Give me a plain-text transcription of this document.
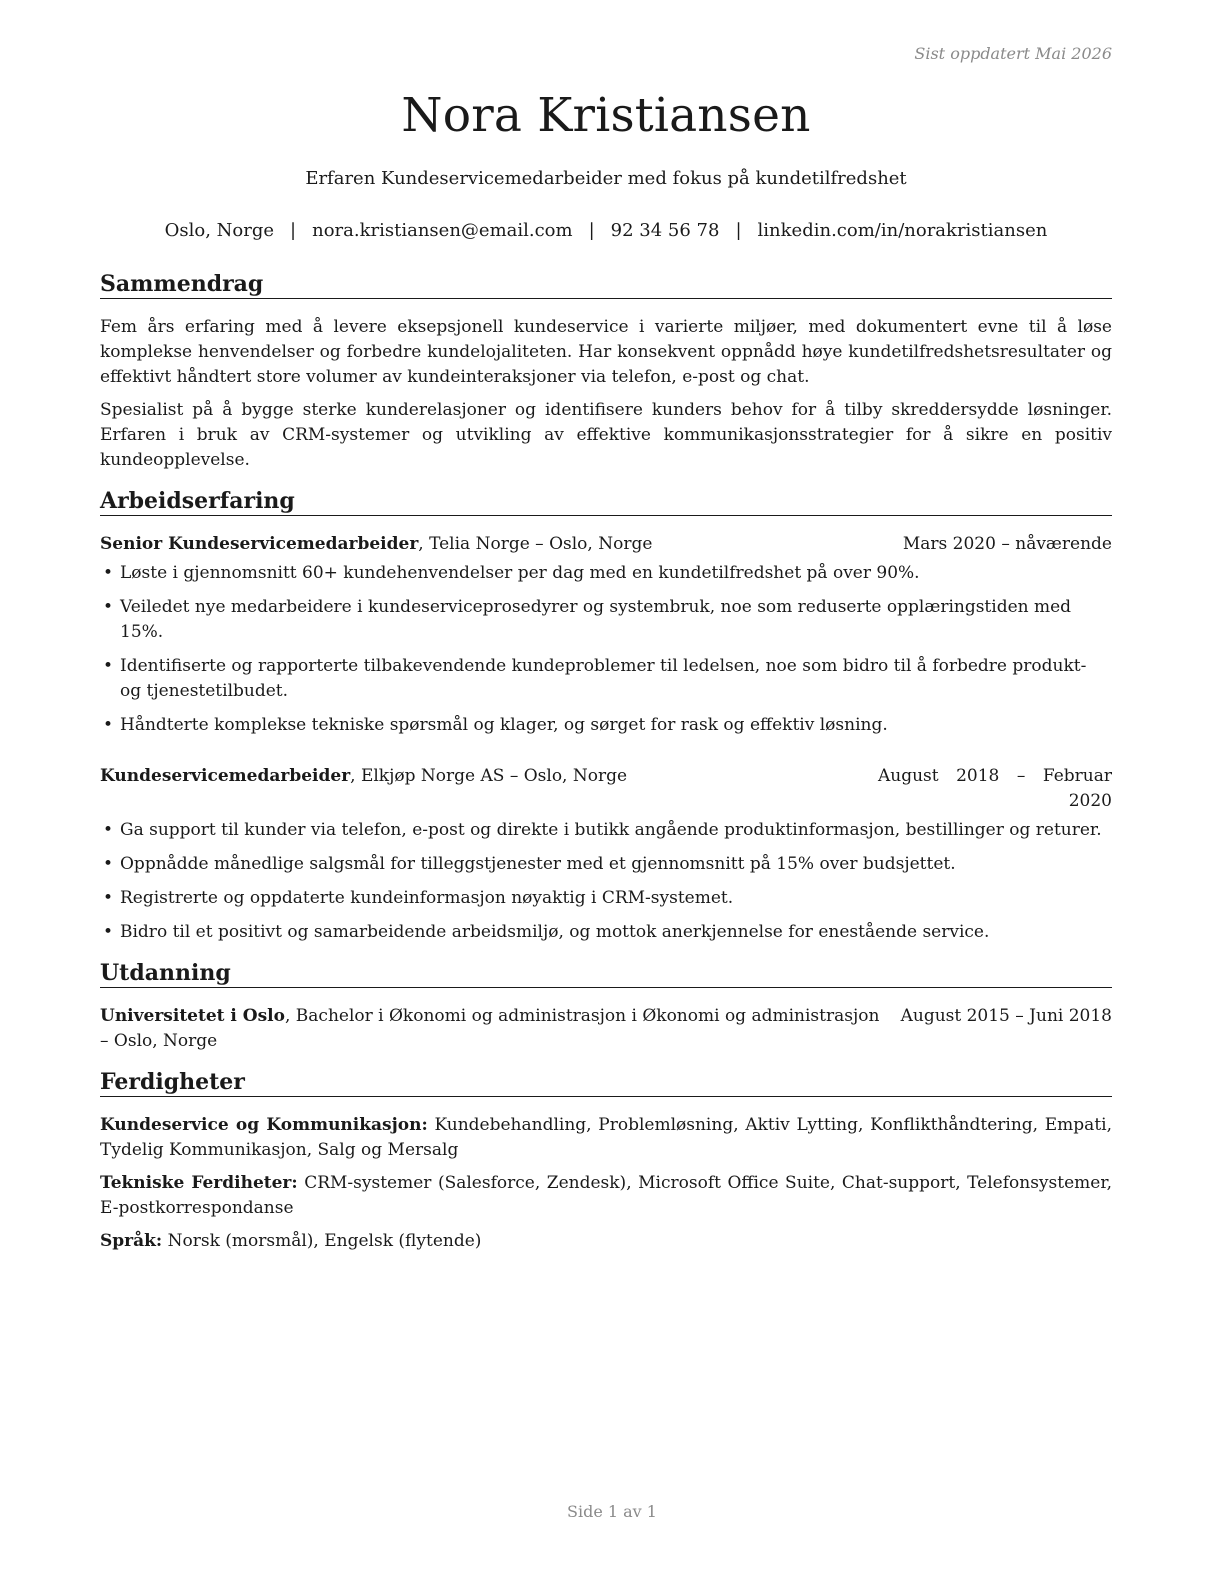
Sist oppdatert Mai 2026
Nora Kristiansen
Erfaren Kundeservicemedarbeider med fokus på kundetilfredshet
Oslo, Norge | nora.kristiansen@email.com | 92 34 56 78 | linkedin.com/in/norakristiansen
Sammendrag

Fem års erfaring med å levere eksepsjonell kundeservice i varierte miljøer, med dokumentert evne til å løse komplekse henvendelser og forbedre kundelojaliteten. Har konsekvent oppnådd høye kundetilfredshetsresultater og effektivt håndtert store volumer av kundeinteraksjoner via telefon, e-post og chat.

Spesialist på å bygge sterke kunderelasjoner og identifisere kunders behov for å tilby skreddersydde løsninger. Erfaren i bruk av CRM-systemer og utvikling av effektive kommunikasjonsstrategier for å sikre en positiv kundeopplevelse.

Arbeidserfaring
Senior Kundeservicemedarbeider, Telia Norge – Oslo, Norge	Mars 2020 – nåværende
• Løste i gjennomsnitt 60+ kundehenvendelser per dag med en kundetilfredshet på over 90%.
• Veiledet nye medarbeidere i kundeserviceprosedyrer og systembruk, noe som reduserte opplæringstiden med 15%.
• Identifiserte og rapporterte tilbakevendende kundeproblemer til ledelsen, noe som bidro til å forbedre produkt- og tjenestetilbudet.
• Håndterte komplekse tekniske spørsmål og klager, og sørget for rask og effektiv løsning.
Kundeservicemedarbeider, Elkjøp Norge AS – Oslo, Norge	August 2018 – Februar 2020
• Ga support til kunder via telefon, e-post og direkte i butikk angående produktinformasjon, bestillinger og returer.
• Oppnådde månedlige salgsmål for tilleggstjenester med et gjennomsnitt på 15% over budsjettet.
• Registrerte og oppdaterte kundeinformasjon nøyaktig i CRM-systemet.
• Bidro til et positivt og samarbeidende arbeidsmiljø, og mottok anerkjennelse for enestående service.
Utdanning
August 2015 – Juni 2018
Universitetet i Oslo, Bachelor i Økonomi og administrasjon i Økonomi og administrasjon – Oslo, Norge
Ferdigheter

Kundeservice og Kommunikasjon: Kundebehandling, Problemløsning, Aktiv Lytting, Konflikthåndtering, Empati, Tydelig Kommunikasjon, Salg og Mersalg

Tekniske Ferdiheter: CRM-systemer (Salesforce, Zendesk), Microsoft Office Suite, Chat-support, Telefonsystemer, E-postkorrespondanse

Språk: Norsk (morsmål), Engelsk (flytende)

Side 1 av 1
